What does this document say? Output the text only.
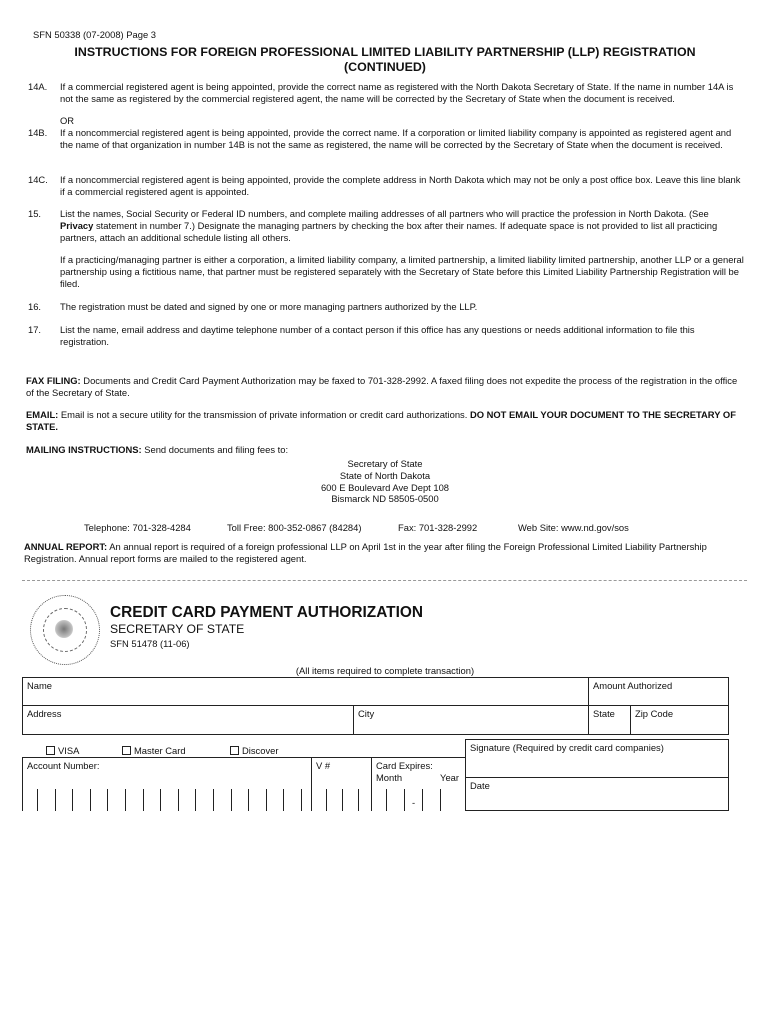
SFN 50338 (07-2008) Page 3
INSTRUCTIONS FOR FOREIGN PROFESSIONAL LIMITED LIABILITY PARTNERSHIP (LLP) REGISTRATION
(CONTINUED)
14A.	If a commercial registered agent is being appointed, provide the correct name as registered with the North Dakota Secretary of State. If the name in number 14A is not the same as registered by the commercial registered agent, the name will be corrected by the Secretary of State when the document is received.
OR
14B.	If a noncommercial registered agent is being appointed, provide the correct name. If a corporation or limited liability company is appointed as registered agent and the name of that organization in number 14B is not the same as registered, the name will be corrected by the Secretary of State when the document is received.
14C.	If a noncommercial registered agent is being appointed, provide the complete address in North Dakota which may not be only a post office box. Leave this line blank if a commercial registered agent is appointed.
15.	List the names, Social Security or Federal ID numbers, and complete mailing addresses of all partners who will practice the profession in North Dakota. (See Privacy statement in number 7.) Designate the managing partners by checking the box after their names. If adequate space is not provided to list all practicing partners, attach an additional schedule listing all others.
If a practicing/managing partner is either a corporation, a limited liability company, a limited partnership, a limited liability limited partnership, another LLP or a general partnership using a fictitious name, that partner must be registered separately with the Secretary of State before this Limited Liability Partnership Registration will be filed.
16.	The registration must be dated and signed by one or more managing partners authorized by the LLP.
17.	List the name, email address and daytime telephone number of a contact person if this office has any questions or needs additional information to file this registration.
FAX FILING: Documents and Credit Card Payment Authorization may be faxed to 701-328-2992. A faxed filing does not expedite the process of the registration in the office of the Secretary of State.
EMAIL: Email is not a secure utility for the transmission of private information or credit card authorizations. DO NOT EMAIL YOUR DOCUMENT TO THE SECRETARY OF STATE.
MAILING INSTRUCTIONS: Send documents and filing fees to:
Secretary of State
State of North Dakota
600 E Boulevard Ave Dept 108
Bismarck ND 58505-0500
Telephone: 701-328-4284	Toll Free: 800-352-0867 (84284)	Fax: 701-328-2992	Web Site: www.nd.gov/sos
ANNUAL REPORT: An annual report is required of a foreign professional LLP on April 1st in the year after filing the Foreign Professional Limited Liability Partnership Registration. Annual report forms are mailed to the registered agent.
CREDIT CARD PAYMENT AUTHORIZATION
SECRETARY OF STATE
SFN 51478 (11-06)
(All items required to complete transaction)
Name	Amount Authorized
Address	City	State	Zip Code
VISA	Master Card	Discover	Signature (Required by credit card companies)
Date
Account Number:	V #	Card Expires:
Month	Year
-
